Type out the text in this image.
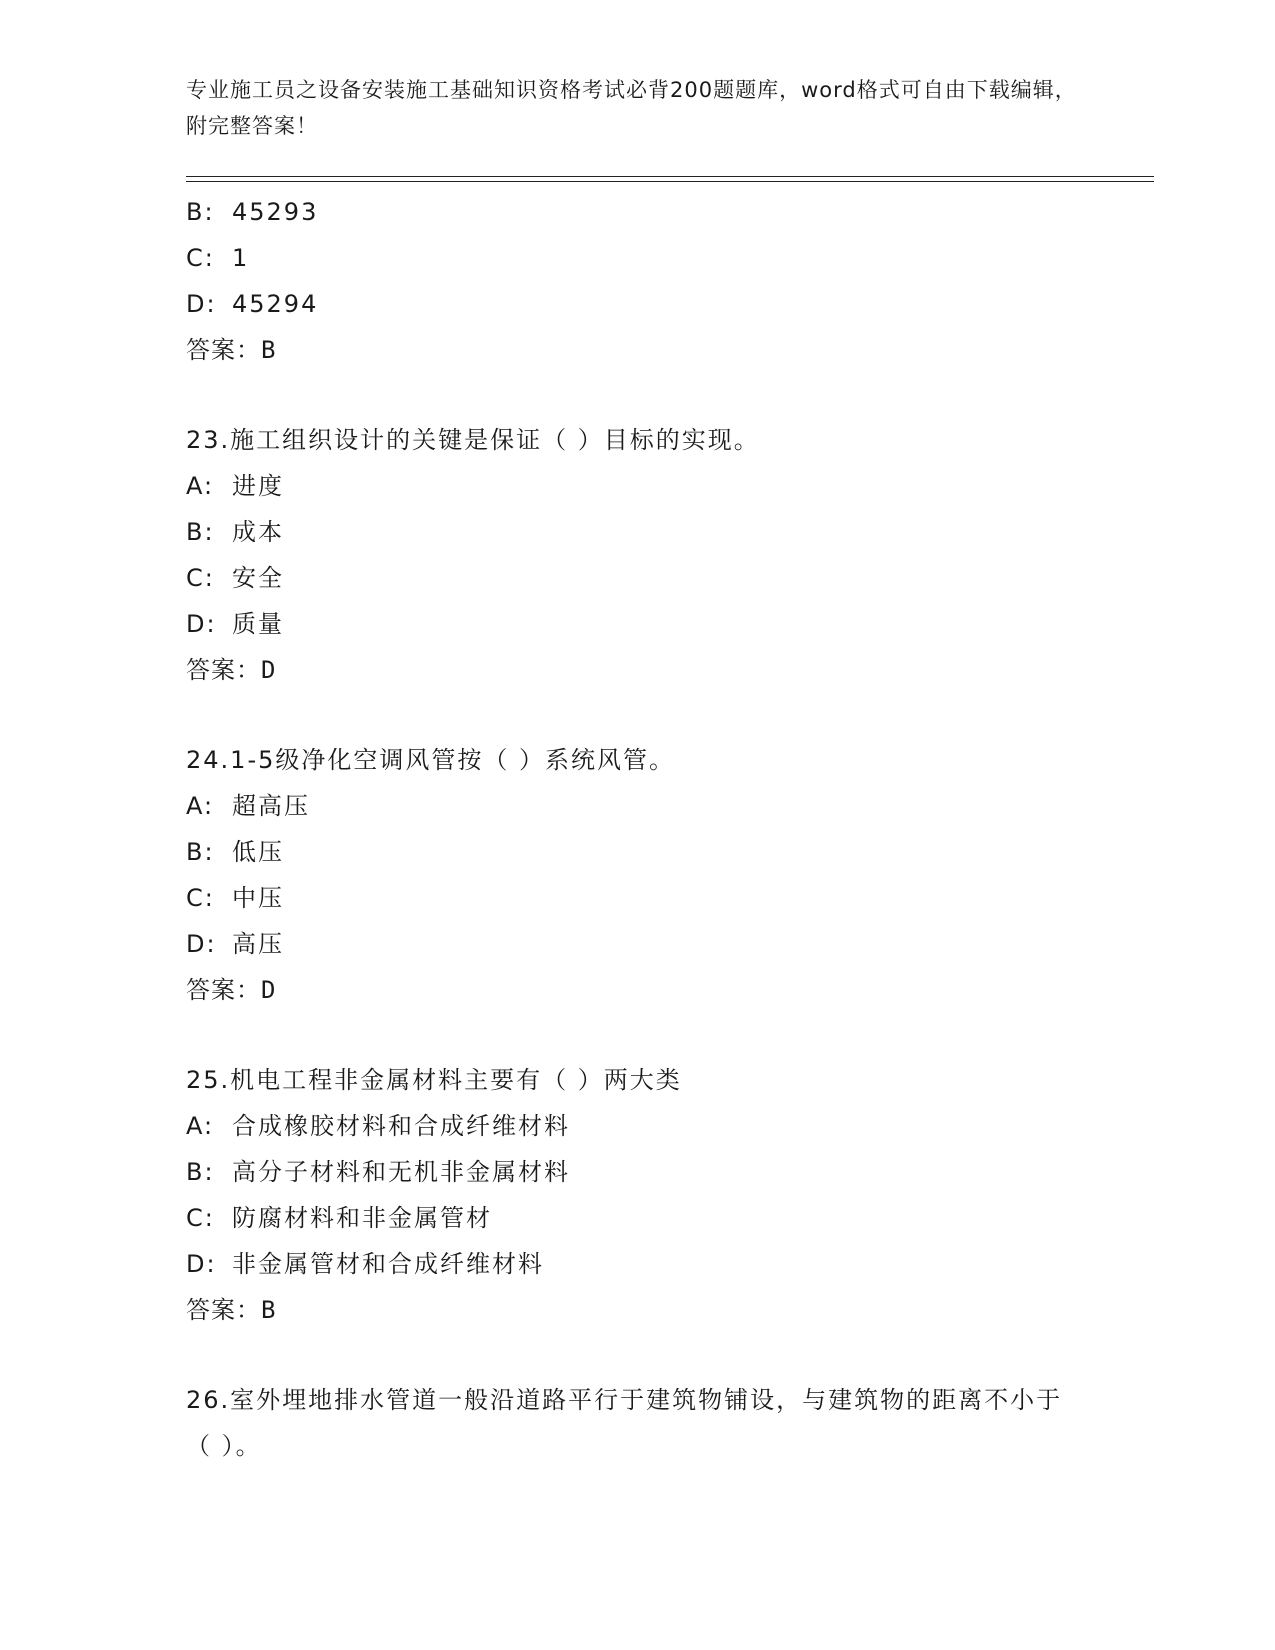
专业施工员之设备安装施工基础知识资格考试必背200题题库，word格式可自由下载编辑，附完整答案！
B: 45293
C: 1
D: 45294
答案：B
23.施工组织设计的关键是保证（ ）目标的实现。
A: 进度
B: 成本
C: 安全
D: 质量
答案：D
24.1-5级净化空调风管按（ ）系统风管。
A: 超高压
B: 低压
C: 中压
D: 高压
答案：D
25.机电工程非金属材料主要有（ ）两大类
A: 合成橡胶材料和合成纤维材料
B: 高分子材料和无机非金属材料
C: 防腐材料和非金属管材
D: 非金属管材和合成纤维材料
答案：B
26.室外埋地排水管道一般沿道路平行于建筑物铺设，与建筑物的距离不小于（ ）。
